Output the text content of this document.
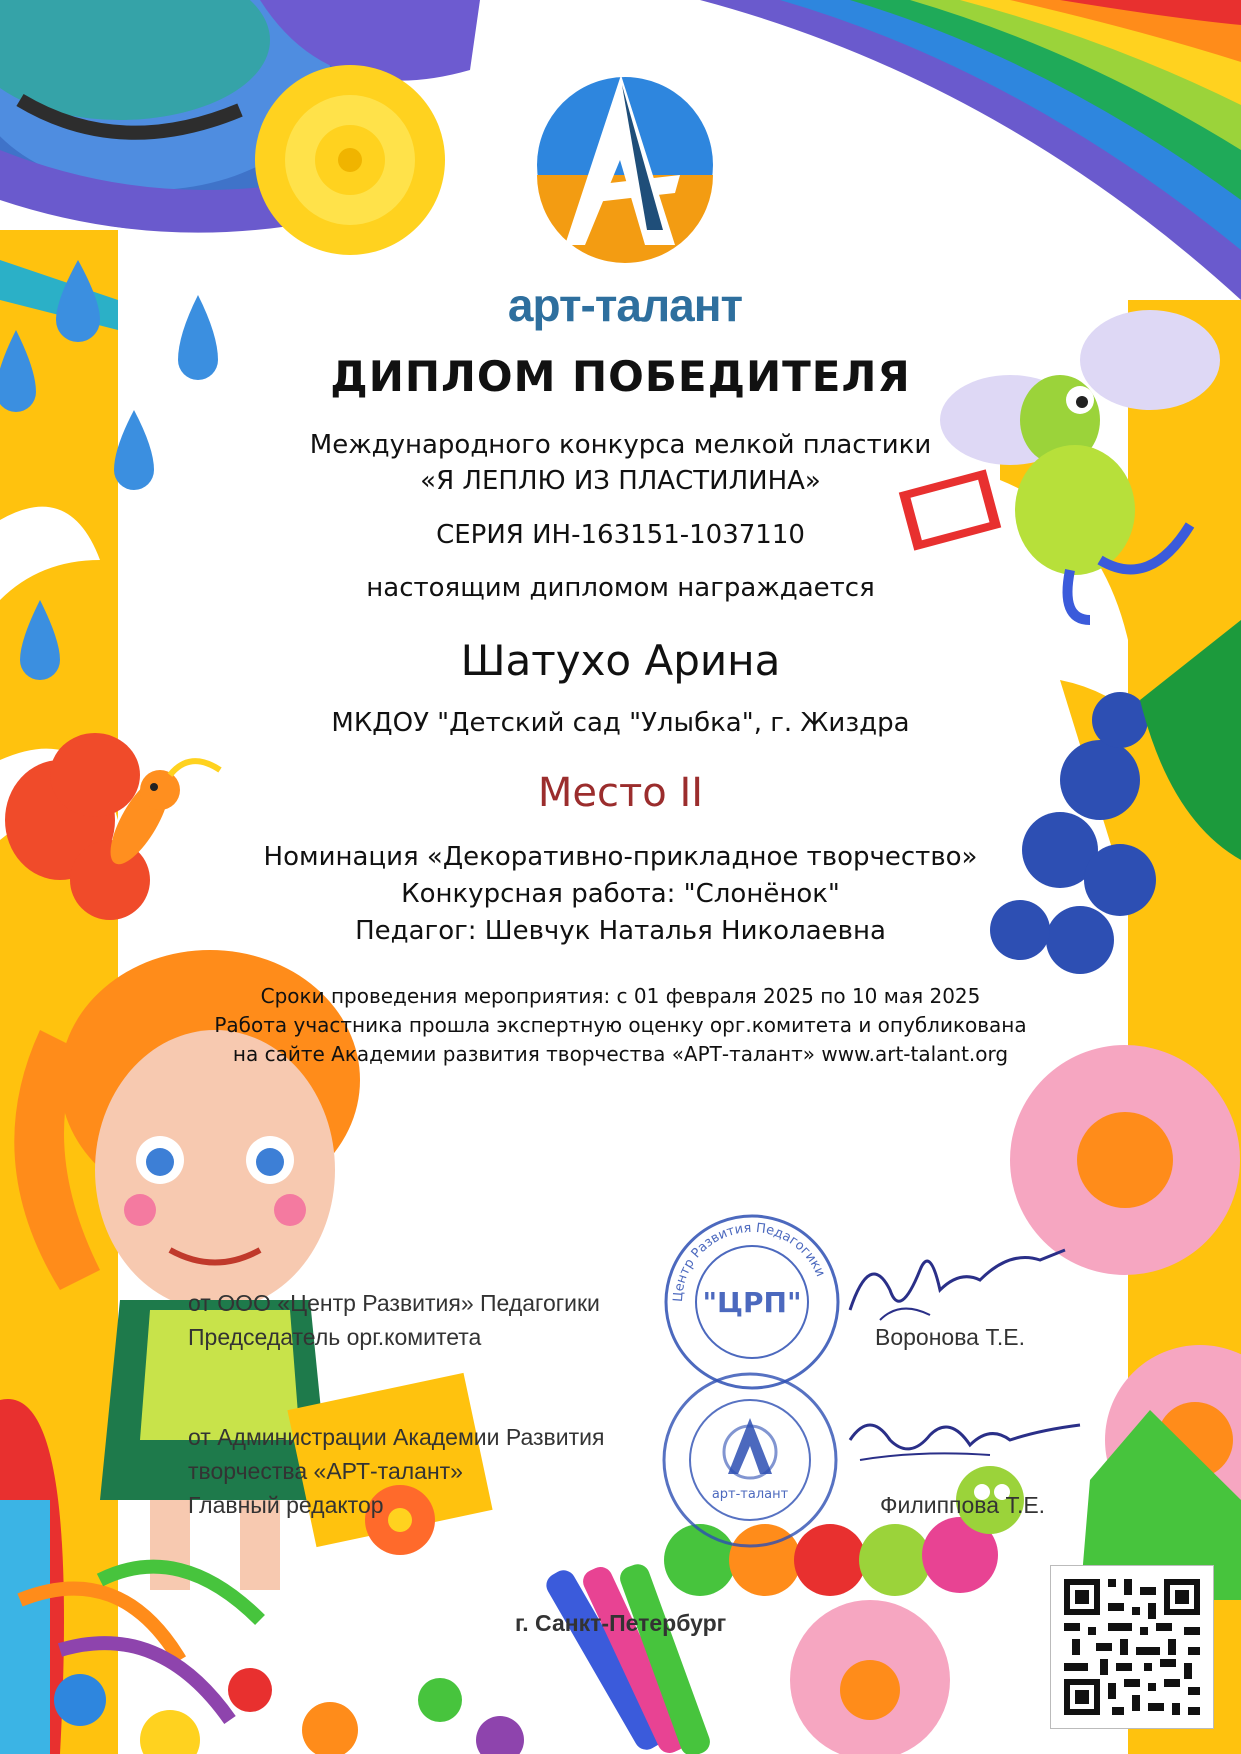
арт-талант
ДИПЛОМ ПОБЕДИТЕЛЯ
Международного конкурса мелкой пластики
«Я ЛЕПЛЮ ИЗ ПЛАСТИЛИНА»
СЕРИЯ ИН-163151-1037110
настоящим дипломом награждается
Шатухо Арина
МКДОУ "Детский сад "Улыбка", г. Жиздра
Место II
Номинация «Декоративно-прикладное творчество»
Конкурсная работа: "Слонёнок"
Педагог: Шевчук Наталья Николаевна
Сроки проведения мероприятия: с 01 февраля 2025 по 10 мая 2025
Работа участника прошла экспертную оценку орг.комитета и опубликована
на сайте Академии развития творчества «АРТ-талант» www.art-talant.org
Центр Развития Педагогики
"ЦРП"
арт-талант
от ООО «Центр Развития» Педагогики
Председатель орг.комитета	Воронова Т.Е.
от Администрации Академии Развития
творчества «АРТ-талант»
Главный редактор	Филиппова Т.Е.
г. Санкт-Петербург
